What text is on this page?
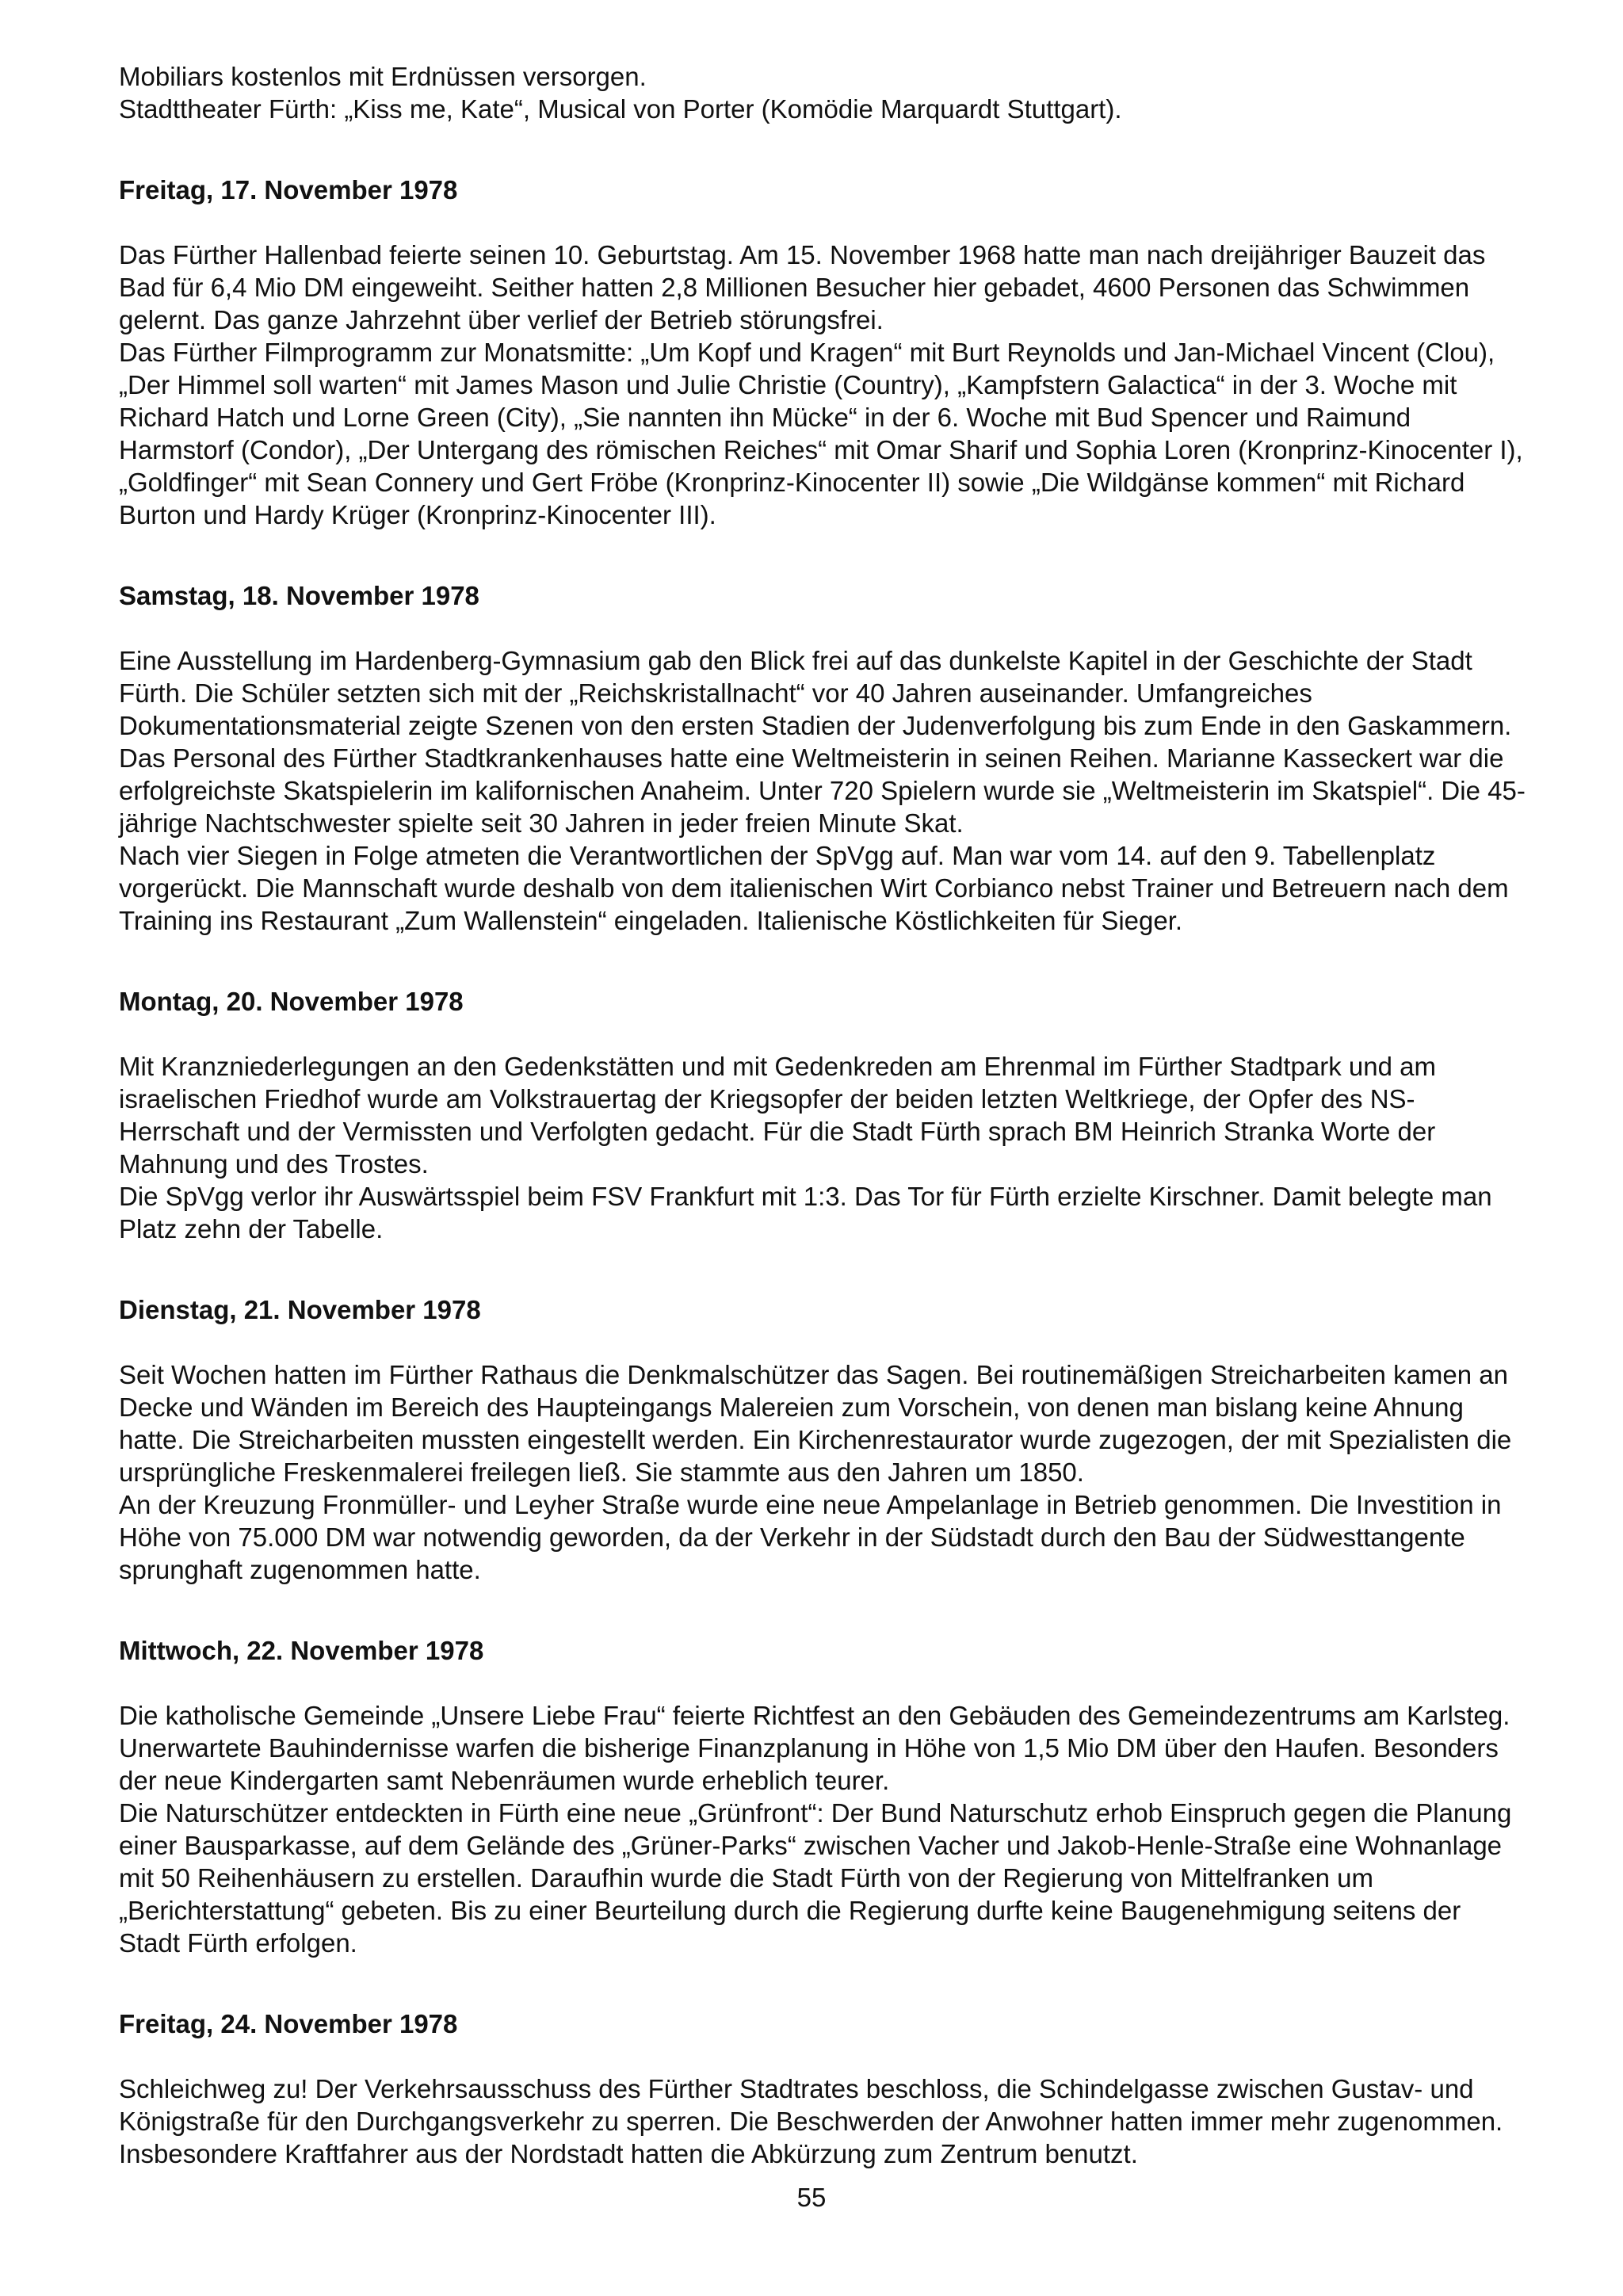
Mobiliars kostenlos mit Erdnüssen versorgen.

Stadttheater Fürth: „Kiss me, Kate“, Musical von Porter (Komödie Marquardt Stuttgart).

Freitag, 17. November 1978

Das Fürther Hallenbad feierte seinen 10. Geburtstag. Am 15. November 1968 hatte man nach dreijähriger Bauzeit das Bad für 6,4 Mio DM eingeweiht. Seither hatten 2,8 Millionen Besucher hier gebadet, 4600 Personen das Schwimmen gelernt. Das ganze Jahrzehnt über verlief der Betrieb störungsfrei.

Das Fürther Filmprogramm zur Monatsmitte: „Um Kopf und Kragen“ mit Burt Reynolds und Jan-Michael Vincent (Clou), „Der Himmel soll warten“ mit James Mason und Julie Christie (Country), „Kampfstern Galactica“ in der 3. Woche mit Richard Hatch und Lorne Green (City), „Sie nannten ihn Mücke“ in der 6. Woche mit Bud Spencer und Raimund Harmstorf (Condor), „Der Untergang des römischen Reiches“ mit Omar Sharif und Sophia Loren (Kronprinz-Kinocenter I), „Goldfinger“ mit Sean Connery und Gert Fröbe (Kronprinz-Kinocenter II) sowie „Die Wildgänse kommen“ mit Richard Burton und Hardy Krüger (Kronprinz-Kinocenter III).

Samstag, 18. November 1978

Eine Ausstellung im Hardenberg-Gymnasium gab den Blick frei auf das dunkelste Kapitel in der Geschichte der Stadt Fürth. Die Schüler setzten sich mit der „Reichskristallnacht“ vor 40 Jahren auseinander. Umfangreiches Dokumentationsmaterial zeigte Szenen von den ersten Stadien der Judenverfolgung bis zum Ende in den Gaskammern.

Das Personal des Fürther Stadtkrankenhauses hatte eine Weltmeisterin in seinen Reihen. Marianne Kasseckert war die erfolgreichste Skatspielerin im kalifornischen Anaheim. Unter 720 Spielern wurde sie „Weltmeisterin im Skatspiel“. Die 45-jährige Nachtschwester spielte seit 30 Jahren in jeder freien Minute Skat.

Nach vier Siegen in Folge atmeten die Verantwortlichen der SpVgg auf. Man war vom 14. auf den 9. Tabellenplatz vorgerückt. Die Mannschaft wurde deshalb von dem italienischen Wirt Corbianco nebst Trainer und Betreuern nach dem Training ins Restaurant „Zum Wallenstein“ eingeladen. Italienische Köstlichkeiten für Sieger.

Montag, 20. November 1978

Mit Kranzniederlegungen an den Gedenkstätten und mit Gedenkreden am Ehrenmal im Fürther Stadtpark und am israelischen Friedhof wurde am Volkstrauertag der Kriegsopfer der beiden letzten Weltkriege, der Opfer des NS-Herrschaft und der Vermissten und Verfolgten gedacht. Für die Stadt Fürth sprach BM Heinrich Stranka Worte der Mahnung und des Trostes.

Die SpVgg verlor ihr Auswärtsspiel beim FSV Frankfurt mit 1:3. Das Tor für Fürth erzielte Kirschner. Damit belegte man Platz zehn der Tabelle.

Dienstag, 21. November 1978

Seit Wochen hatten im Fürther Rathaus die Denkmalschützer das Sagen. Bei routinemäßigen Streicharbeiten kamen an Decke und Wänden im Bereich des Haupteingangs Malereien zum Vorschein, von denen man bislang keine Ahnung hatte. Die Streicharbeiten mussten eingestellt werden. Ein Kirchenrestaurator wurde zugezogen, der mit Spezialisten die ursprüngliche Freskenmalerei freilegen ließ. Sie stammte aus den Jahren um 1850.

An der Kreuzung Fronmüller- und Leyher Straße wurde eine neue Ampelanlage in Betrieb genommen. Die Investition in Höhe von 75.000 DM war notwendig geworden, da der Verkehr in der Südstadt durch den Bau der Südwesttangente sprunghaft zugenommen hatte.

Mittwoch, 22. November 1978

Die katholische Gemeinde „Unsere Liebe Frau“ feierte Richtfest an den Gebäuden des Gemeindezentrums am Karlsteg. Unerwartete Bauhindernisse warfen die bisherige Finanzplanung in Höhe von 1,5 Mio DM über den Haufen. Besonders der neue Kindergarten samt Nebenräumen wurde erheblich teurer.

Die Naturschützer entdeckten in Fürth eine neue „Grünfront“: Der Bund Naturschutz erhob Einspruch gegen die Planung einer Bausparkasse, auf dem Gelände des „Grüner-Parks“ zwischen Vacher und Jakob-Henle-Straße eine Wohnanlage mit 50 Reihenhäusern zu erstellen. Daraufhin wurde die Stadt Fürth von der Regierung von Mittelfranken um „Berichterstattung“ gebeten. Bis zu einer Beurteilung durch die Regierung durfte keine Baugenehmigung seitens der Stadt Fürth erfolgen.

Freitag, 24. November 1978

Schleichweg zu! Der Verkehrsausschuss des Fürther Stadtrates beschloss, die Schindelgasse zwischen Gustav- und Königstraße für den Durchgangsverkehr zu sperren. Die Beschwerden der Anwohner hatten immer mehr zugenommen. Insbesondere Kraftfahrer aus der Nordstadt hatten die Abkürzung zum Zentrum benutzt.

55
